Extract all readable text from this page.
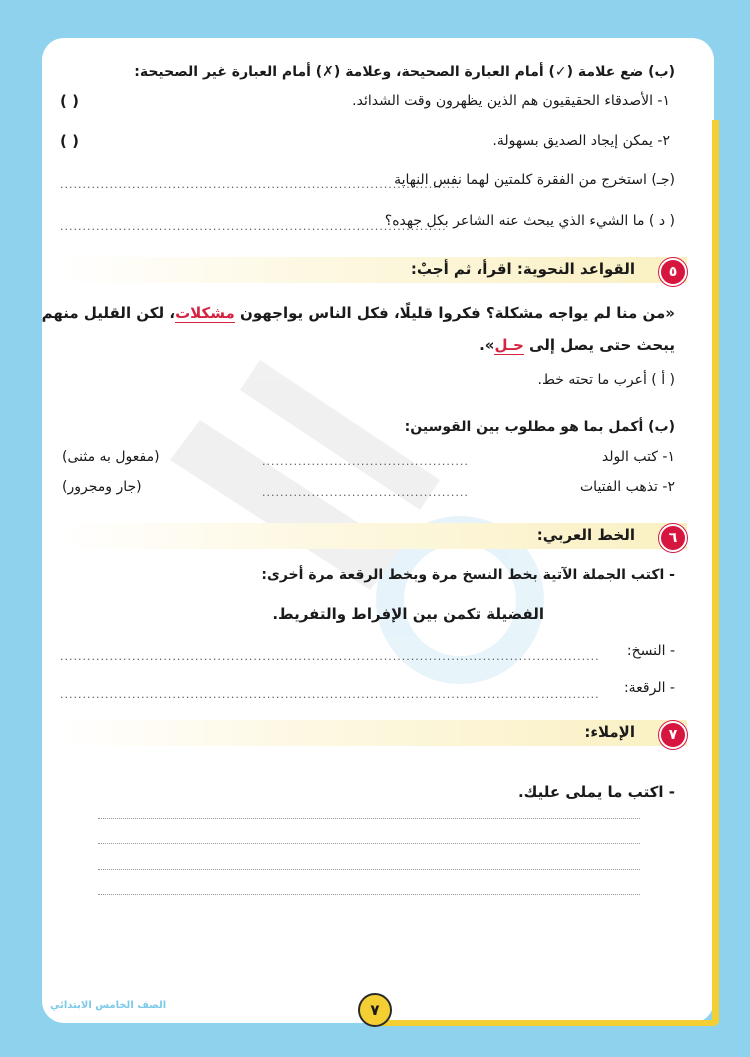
(ب) ضع علامة (✓) أمام العبارة الصحيحة، وعلامة (✗) أمام العبارة غير الصحيحة:
١- الأصدقاء الحقيقيون هم الذين يظهرون وقت الشدائد.
( )
٢- يمكن إيجاد الصديق بسهولة.
( )
(جـ) استخرج من الفقرة كلمتين لهما نفس النهاية
.........................................................................................
( د ) ما الشيء الذي يبحث عنه الشاعر بكل جهده؟
......................................................................................
٥
القواعد النحوية: اقرأ، ثم أجبْ:
«من منا لم يواجه مشكلة؟ فكروا قليلًا، فكل الناس يواجهون مشكلات، لكن القليل منهم
يبحث حتى يصل إلى حـل».
( أ ) أعرب ما تحته خط.
(ب) أكمل بما هو مطلوب بين القوسين:
١- كتب الولد
..............................................
(مفعول به مثنى)
٢- تذهب الفتيات
..............................................
(جار ومجرور)
٦
الخط العربي:
- اكتب الجملة الآتية بخط النسخ مرة وبخط الرقعة مرة أخرى:
الفضيلة تكمن بين الإفراط والتفريط.
- النسخ:
........................................................................................................................
- الرقعة:
........................................................................................................................
٧
الإملاء:
- اكتب ما يملى عليك.
الصف الخامس الابتدائي	٧
